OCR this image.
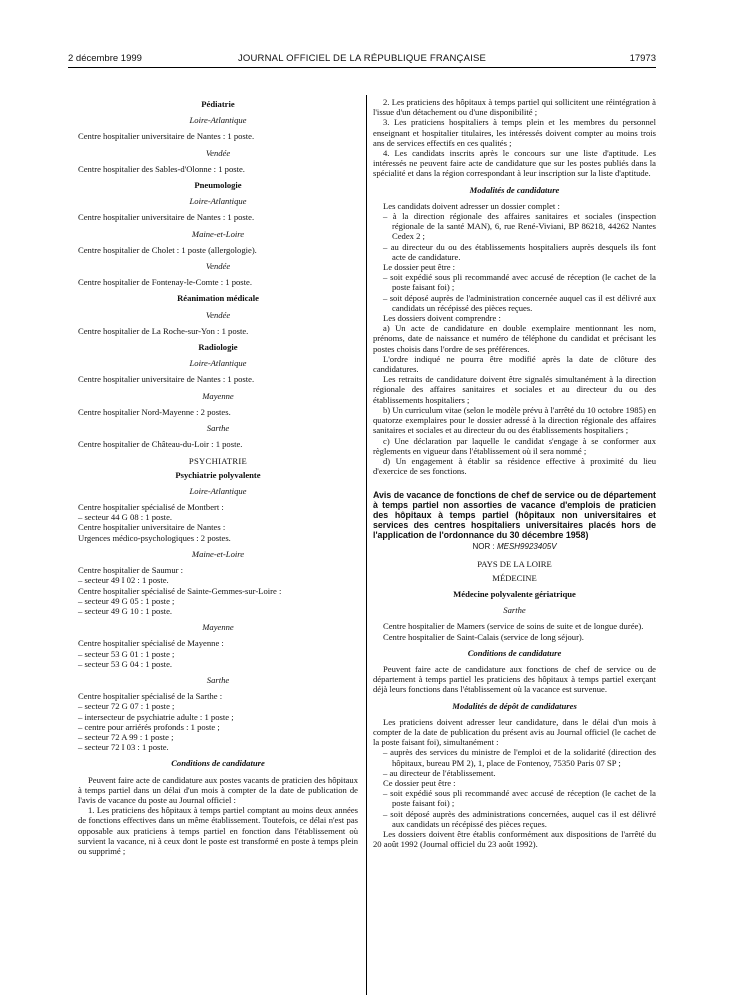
2 décembre 1999	JOURNAL OFFICIEL DE LA RÉPUBLIQUE FRANÇAISE	17973
Pédiatrie
Loire-Atlantique

Centre hospitalier universitaire de Nantes : 1 poste.

Vendée

Centre hospitalier des Sables-d'Olonne : 1 poste.

Pneumologie
Loire-Atlantique

Centre hospitalier universitaire de Nantes : 1 poste.

Maine-et-Loire

Centre hospitalier de Cholet : 1 poste (allergologie).

Vendée

Centre hospitalier de Fontenay-le-Comte : 1 poste.

Réanimation médicale
Vendée

Centre hospitalier de La Roche-sur-Yon : 1 poste.

Radiologie
Loire-Atlantique

Centre hospitalier universitaire de Nantes : 1 poste.

Mayenne

Centre hospitalier Nord-Mayenne : 2 postes.

Sarthe

Centre hospitalier de Château-du-Loir : 1 poste.

PSYCHIATRIE
Psychiatrie polyvalente
Loire-Atlantique

Centre hospitalier spécialisé de Montbert :

– secteur 44 G 08 : 1 poste.

Centre hospitalier universitaire de Nantes :

Urgences médico-psychologiques : 2 postes.

Maine-et-Loire

Centre hospitalier de Saumur :

– secteur 49 I 02 : 1 poste.

Centre hospitalier spécialisé de Sainte-Gemmes-sur-Loire :

– secteur 49 G 05 : 1 poste ;

– secteur 49 G 10 : 1 poste.

Mayenne

Centre hospitalier spécialisé de Mayenne :

– secteur 53 G 01 : 1 poste ;

– secteur 53 G 04 : 1 poste.

Sarthe

Centre hospitalier spécialisé de la Sarthe :

– secteur 72 G 07 : 1 poste ;

– intersecteur de psychiatrie adulte : 1 poste ;

– centre pour arriérés profonds : 1 poste ;

– secteur 72 A 99 : 1 poste ;

– secteur 72 I 03 : 1 poste.

Conditions de candidature

Peuvent faire acte de candidature aux postes vacants de praticien des hôpitaux à temps partiel dans un délai d'un mois à compter de la date de publication de l'avis de vacance du poste au Journal officiel :

1. Les praticiens des hôpitaux à temps partiel comptant au moins deux années de fonctions effectives dans un même établissement. Toutefois, ce délai n'est pas opposable aux praticiens à temps partiel en fonction dans l'établissement où survient la vacance, ni à ceux dont le poste est transformé en poste à temps plein ou supprimé ;

2. Les praticiens des hôpitaux à temps partiel qui sollicitent une réintégration à l'issue d'un détachement ou d'une disponibilité ;

3. Les praticiens hospitaliers à temps plein et les membres du personnel enseignant et hospitalier titulaires, les intéressés doivent compter au moins trois ans de services effectifs en ces qualités ;

4. Les candidats inscrits après le concours sur une liste d'aptitude. Les intéressés ne peuvent faire acte de candidature que sur les postes publiés dans la spécialité et dans la région correspondant à leur inscription sur la liste d'aptitude.

Modalités de candidature

Les candidats doivent adresser un dossier complet :

– à la direction régionale des affaires sanitaires et sociales (inspection régionale de la santé MAN), 6, rue René-Viviani, BP 86218, 44262 Nantes Cedex 2 ;

– au directeur du ou des établissements hospitaliers auprès desquels ils font acte de candidature.

Le dossier peut être :

– soit expédié sous pli recommandé avec accusé de réception (le cachet de la poste faisant foi) ;

– soit déposé auprès de l'administration concernée auquel cas il est délivré aux candidats un récépissé des pièces reçues.

Les dossiers doivent comprendre :

a) Un acte de candidature en double exemplaire mentionnant les nom, prénoms, date de naissance et numéro de téléphone du candidat et précisant les postes choisis dans l'ordre de ses préférences.

L'ordre indiqué ne pourra être modifié après la date de clôture des candidatures.

Les retraits de candidature doivent être signalés simultanément à la direction régionale des affaires sanitaires et sociales et au directeur du ou des établissements hospitaliers ;

b) Un curriculum vitae (selon le modèle prévu à l'arrêté du 10 octobre 1985) en quatorze exemplaires pour le dossier adressé à la direction régionale des affaires sanitaires et sociales et au directeur du ou des établissements hospitaliers ;

c) Une déclaration par laquelle le candidat s'engage à se conformer aux règlements en vigueur dans l'établissement où il sera nommé ;

d) Un engagement à établir sa résidence effective à proximité du lieu d'exercice de ses fonctions.

Avis de vacance de fonctions de chef de service ou de département à temps partiel non assorties de vacance d'emplois de praticien des hôpitaux à temps partiel (hôpitaux non universitaires et services des centres hospitaliers universitaires placés hors de l'application de l'ordonnance du 30 décembre 1958)
NOR : MESH9923405V
PAYS DE LA LOIRE
MÉDECINE
Médecine polyvalente gériatrique
Sarthe

Centre hospitalier de Mamers (service de soins de suite et de longue durée).

Centre hospitalier de Saint-Calais (service de long séjour).

Conditions de candidature

Peuvent faire acte de candidature aux fonctions de chef de service ou de département à temps partiel les praticiens des hôpitaux à temps partiel exerçant déjà leurs fonctions dans l'établissement où la vacance est survenue.

Modalités de dépôt de candidatures

Les praticiens doivent adresser leur candidature, dans le délai d'un mois à compter de la date de publication du présent avis au Journal officiel (le cachet de la poste faisant foi), simultanément :

– auprès des services du ministre de l'emploi et de la solidarité (direction des hôpitaux, bureau PM 2), 1, place de Fontenoy, 75350 Paris 07 SP ;

– au directeur de l'établissement.

Ce dossier peut être :

– soit expédié sous pli recommandé avec accusé de réception (le cachet de la poste faisant foi) ;

– soit déposé auprès des administrations concernées, auquel cas il est délivré aux candidats un récépissé des pièces reçues.

Les dossiers doivent être établis conformément aux dispositions de l'arrêté du 20 août 1992 (Journal officiel du 23 août 1992).
